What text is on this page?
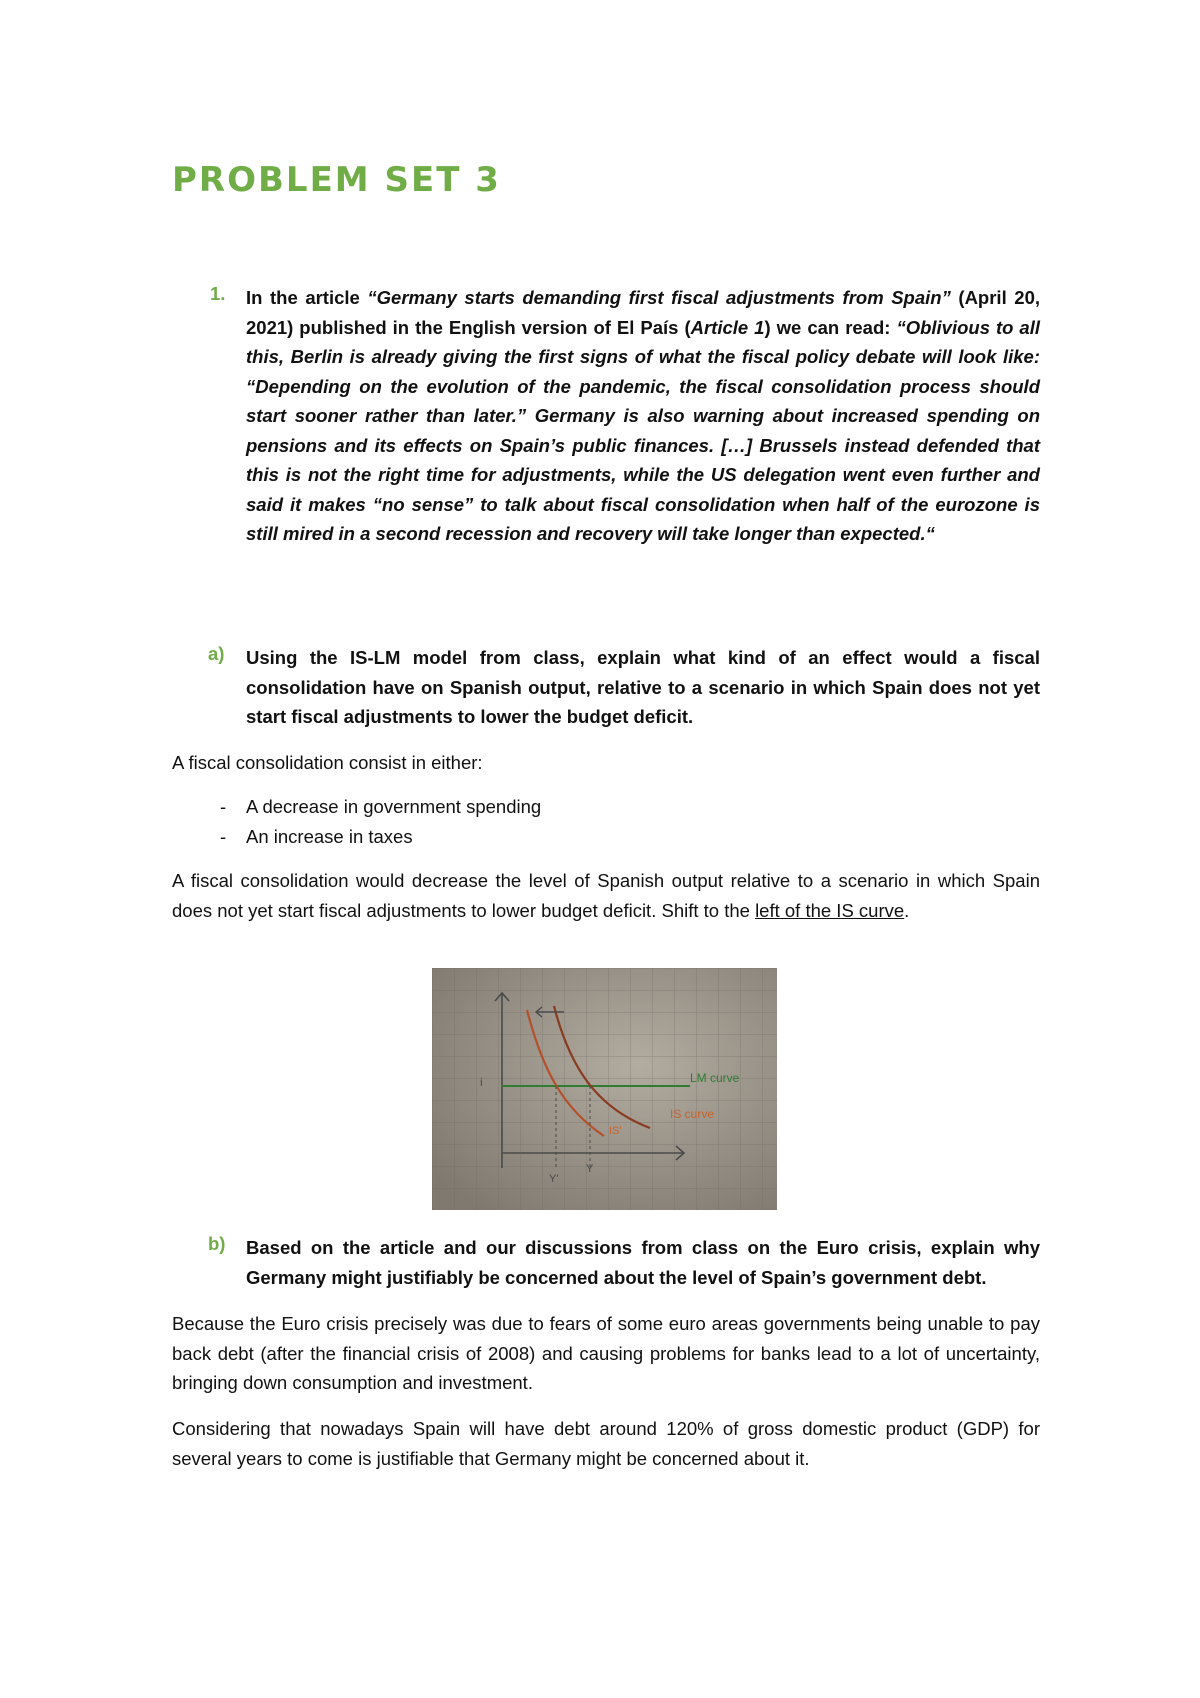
PROBLEM SET 3
1. In the article “Germany starts demanding first fiscal adjustments from Spain” (April 20, 2021) published in the English version of El País (Article 1) we can read: “Oblivious to all this, Berlin is already giving the first signs of what the fiscal policy debate will look like: “Depending on the evolution of the pandemic, the fiscal consolidation process should start sooner rather than later.” Germany is also warning about increased spending on pensions and its effects on Spain’s public finances. […] Brussels instead defended that this is not the right time for adjustments, while the US delegation went even further and said it makes “no sense” to talk about fiscal consolidation when half of the eurozone is still mired in a second recession and recovery will take longer than expected.“
a) Using the IS-LM model from class, explain what kind of an effect would a fiscal consolidation have on Spanish output, relative to a scenario in which Spain does not yet start fiscal adjustments to lower the budget deficit.

A fiscal consolidation consist in either:

- A decrease in government spending
- An increase in taxes

A fiscal consolidation would decrease the level of Spanish output relative to a scenario in which Spain does not yet start fiscal adjustments to lower budget deficit. Shift to the left of the IS curve.

i	LM curve
IS curve
IS'
Y'
Y
b) Based on the article and our discussions from class on the Euro crisis, explain why Germany might justifiably be concerned about the level of Spain’s government debt.

Because the Euro crisis precisely was due to fears of some euro areas governments being unable to pay back debt (after the financial crisis of 2008) and causing problems for banks lead to a lot of uncertainty, bringing down consumption and investment.

Considering that nowadays Spain will have debt around 120% of gross domestic product (GDP) for several years to come is justifiable that Germany might be concerned about it.
